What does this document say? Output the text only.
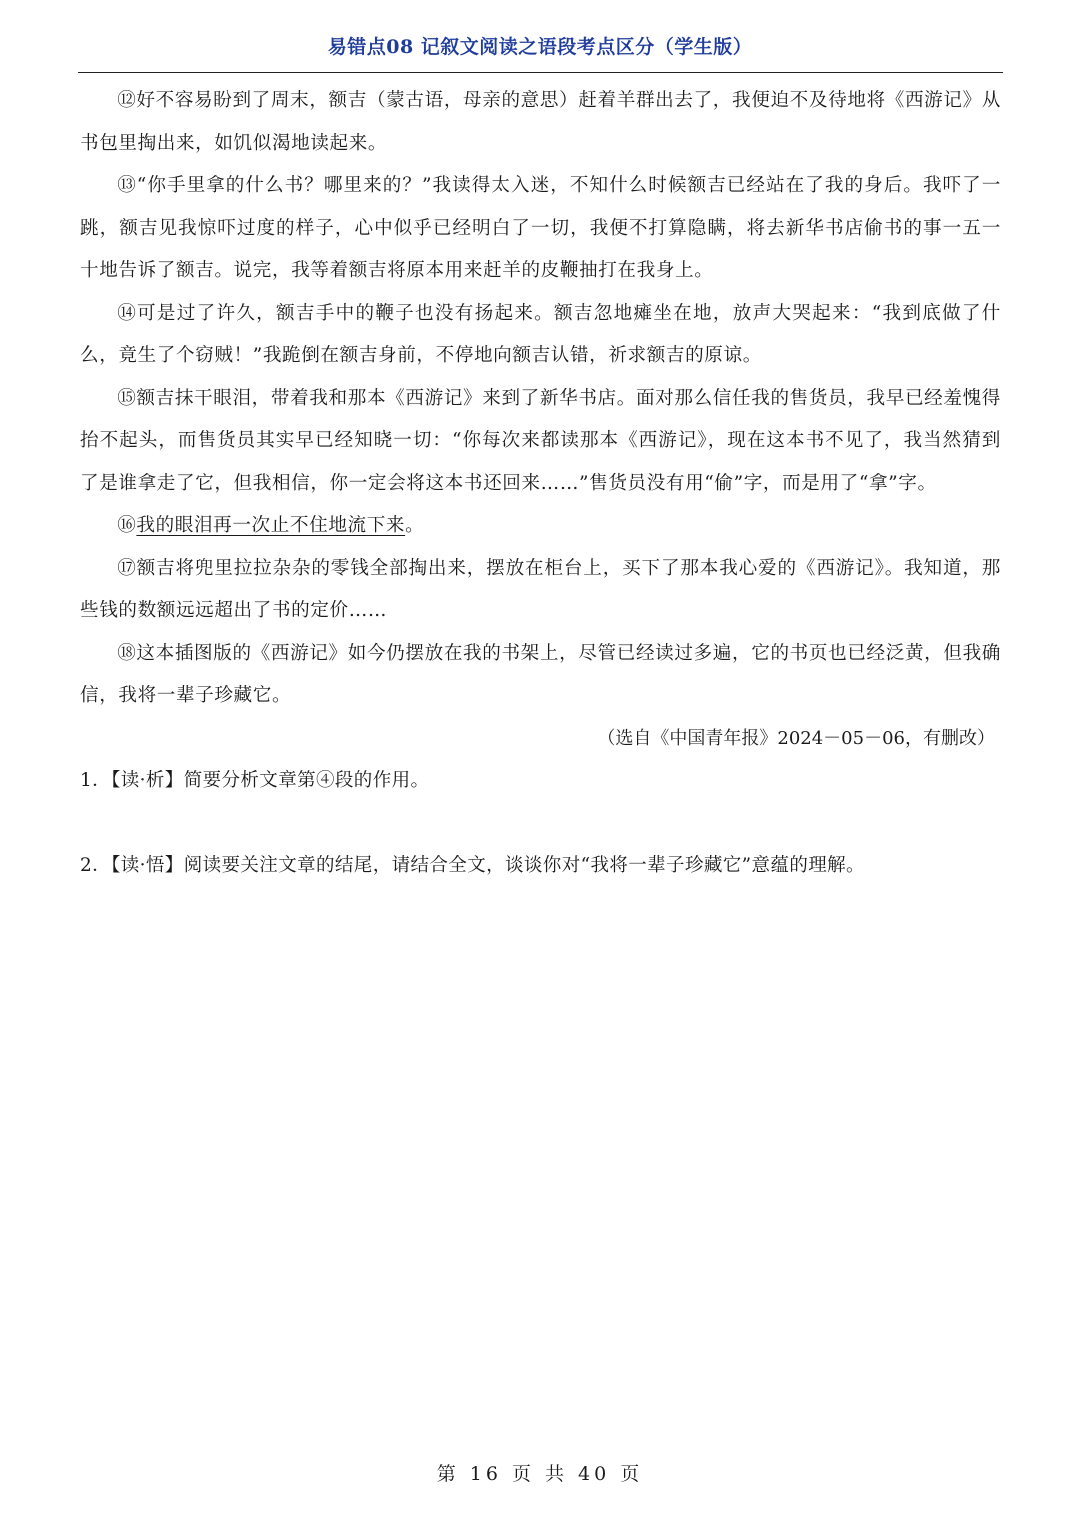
易错点08 记叙文阅读之语段考点区分（学生版）

⑫好不容易盼到了周末，额吉（蒙古语，母亲的意思）赶着羊群出去了，我便迫不及待地将《西游记》从书包里掏出来，如饥似渴地读起来。

⑬“你手里拿的什么书？哪里来的？”我读得太入迷，不知什么时候额吉已经站在了我的身后。我吓了一跳，额吉见我惊吓过度的样子，心中似乎已经明白了一切，我便不打算隐瞒，将去新华书店偷书的事一五一十地告诉了额吉。说完，我等着额吉将原本用来赶羊的皮鞭抽打在我身上。

⑭可是过了许久，额吉手中的鞭子也没有扬起来。额吉忽地瘫坐在地，放声大哭起来：“我到底做了什么，竟生了个窃贼！”我跪倒在额吉身前，不停地向额吉认错，祈求额吉的原谅。

⑮额吉抹干眼泪，带着我和那本《西游记》来到了新华书店。面对那么信任我的售货员，我早已经羞愧得抬不起头，而售货员其实早已经知晓一切：“你每次来都读那本《西游记》，现在这本书不见了，我当然猜到了是谁拿走了它，但我相信，你一定会将这本书还回来……”售货员没有用“偷”字，而是用了“拿”字。

⑯我的眼泪再一次止不住地流下来。

⑰额吉将兜里拉拉杂杂的零钱全部掏出来，摆放在柜台上，买下了那本我心爱的《西游记》。我知道，那些钱的数额远远超出了书的定价……

⑱这本插图版的《西游记》如今仍摆放在我的书架上，尽管已经读过多遍，它的书页也已经泛黄，但我确信，我将一辈子珍藏它。

（选自《中国青年报》2024－05－06，有删改）

1．【读·析】简要分析文章第④段的作用。

2．【读·悟】阅读要关注文章的结尾，请结合全文，谈谈你对“我将一辈子珍藏它”意蕴的理解。

第 16 页 共 40 页
